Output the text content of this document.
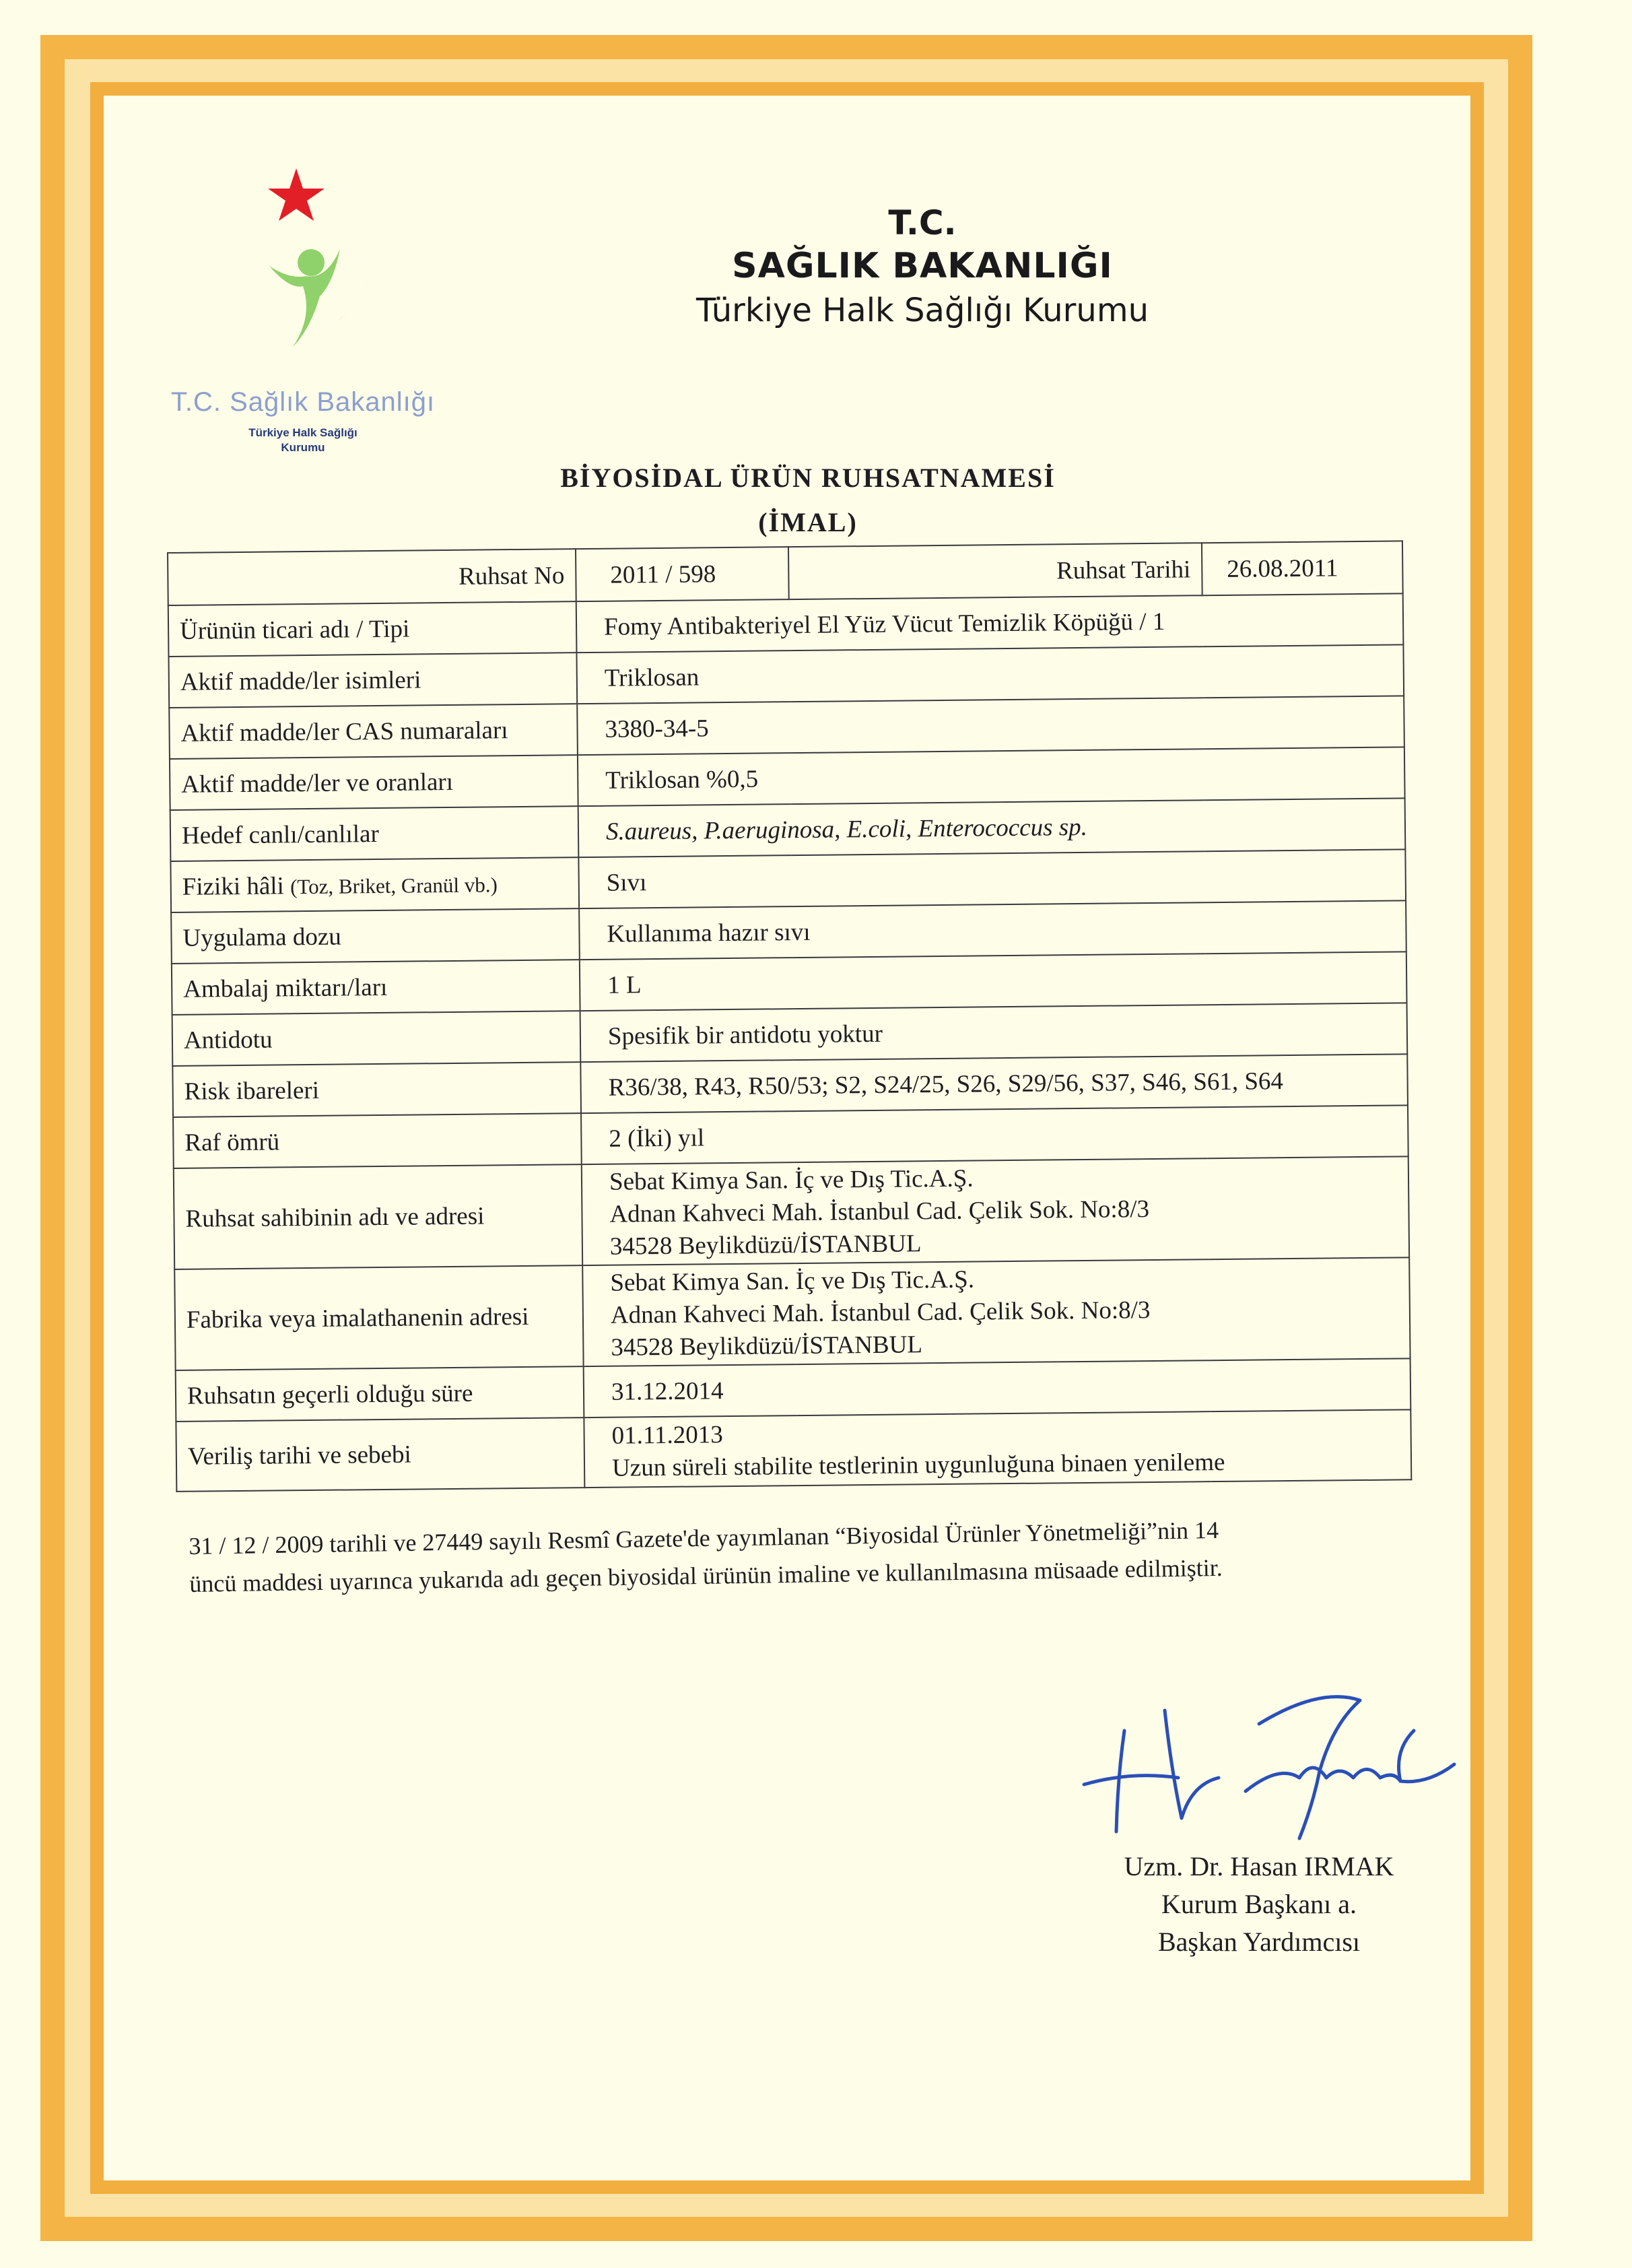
T.C. Sağlık Bakanlığı
Türkiye Halk Sağlığı
Kurumu
T.C.
SAĞLIK BAKANLIĞI
Türkiye Halk Sağlığı Kurumu
BİYOSİDAL ÜRÜN RUHSATNAMESİ
(İMAL)
Ruhsat No	2011 / 598	Ruhsat Tarihi	26.08.2011
Ürünün ticari adı / Tipi	Fomy Antibakteriyel El Yüz Vücut Temizlik Köpüğü / 1		
Aktif madde/ler isimleri	Triklosan		
Aktif madde/ler CAS numaraları	3380-34-5		
Aktif madde/ler ve oranları	Triklosan %0,5		
Hedef canlı/canlılar	S.aureus, P.aeruginosa, E.coli, Enterococcus sp.		
Fiziki hâli (Toz, Briket, Granül vb.)	Sıvı		
Uygulama dozu	Kullanıma hazır sıvı		
Ambalaj miktarı/ları	1 L		
Antidotu	Spesifik bir antidotu yoktur		
Risk ibareleri	R36/38, R43, R50/53; S2, S24/25, S26, S29/56, S37, S46, S61, S64		
Raf ömrü	2 (İki) yıl		
Ruhsat sahibinin adı ve adresi	Sebat Kimya San. İç ve Dış Tic.A.Ş.
Adnan Kahveci Mah. İstanbul Cad. Çelik Sok. No:8/3
34528 Beylikdüzü/İSTANBUL		

Fabrika veya imalathanenin adresi	Sebat Kimya San. İç ve Dış Tic.A.Ş.
Adnan Kahveci Mah. İstanbul Cad. Çelik Sok. No:8/3
34528 Beylikdüzü/İSTANBUL		

Ruhsatın geçerli olduğu süre	31.12.2014		
Veriliş tarihi ve sebebi	01.11.2013
Uzun süreli stabilite testlerinin uygunluğuna binaen yenileme		
31 / 12 / 2009 tarihli ve 27449 sayılı Resmî Gazete'de yayımlanan “Biyosidal Ürünler Yönetmeliği”nin 14
üncü maddesi uyarınca yukarıda adı geçen biyosidal ürünün imaline ve kullanılmasına müsaade edilmiştir.
Uzm. Dr. Hasan IRMAK
Kurum Başkanı a.
Başkan Yardımcısı
